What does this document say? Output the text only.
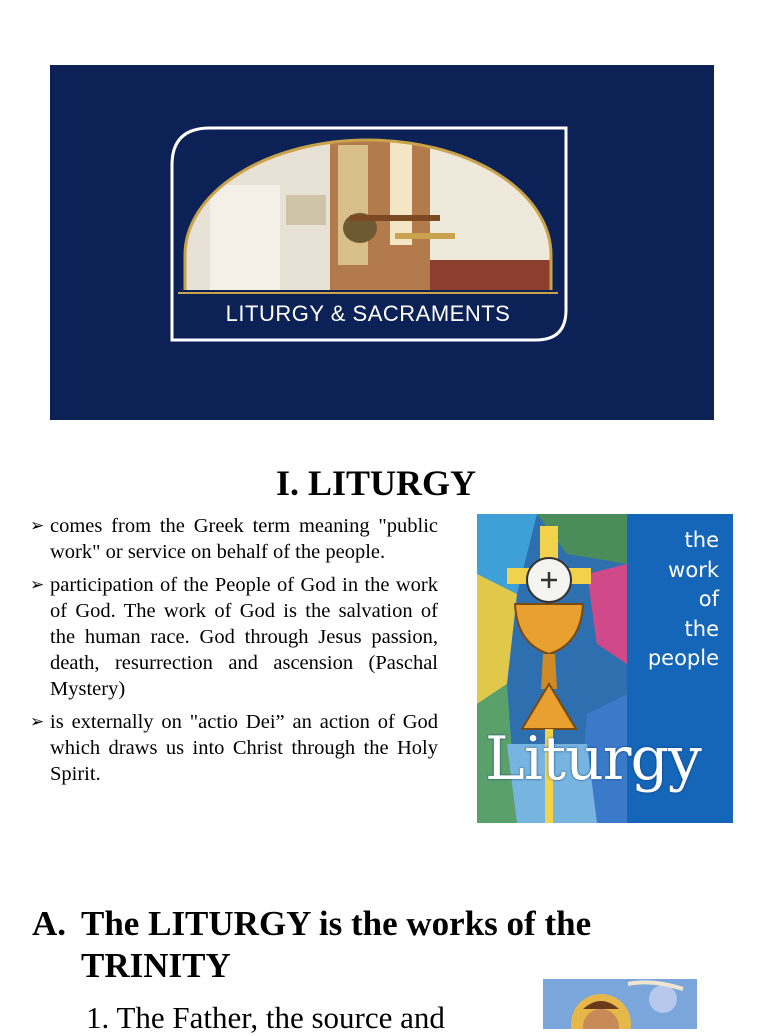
LITURGY & SACRAMENTS
I. LITURGY
➢ comes from the Greek term meaning "public work" or service on behalf of the people.
➢ participation of the People of God in the work of God. The work of God is the salvation of the human race. God through Jesus passion, death, resurrection and ascension (Paschal Mystery)
➢ is externally on "actio Dei” an action of God which draws us into Christ through the Holy Spirit.
the
work
of
the
people
Liturgy
A. The LITURGY is the works of the
TRINITY
1. The Father, the source and
